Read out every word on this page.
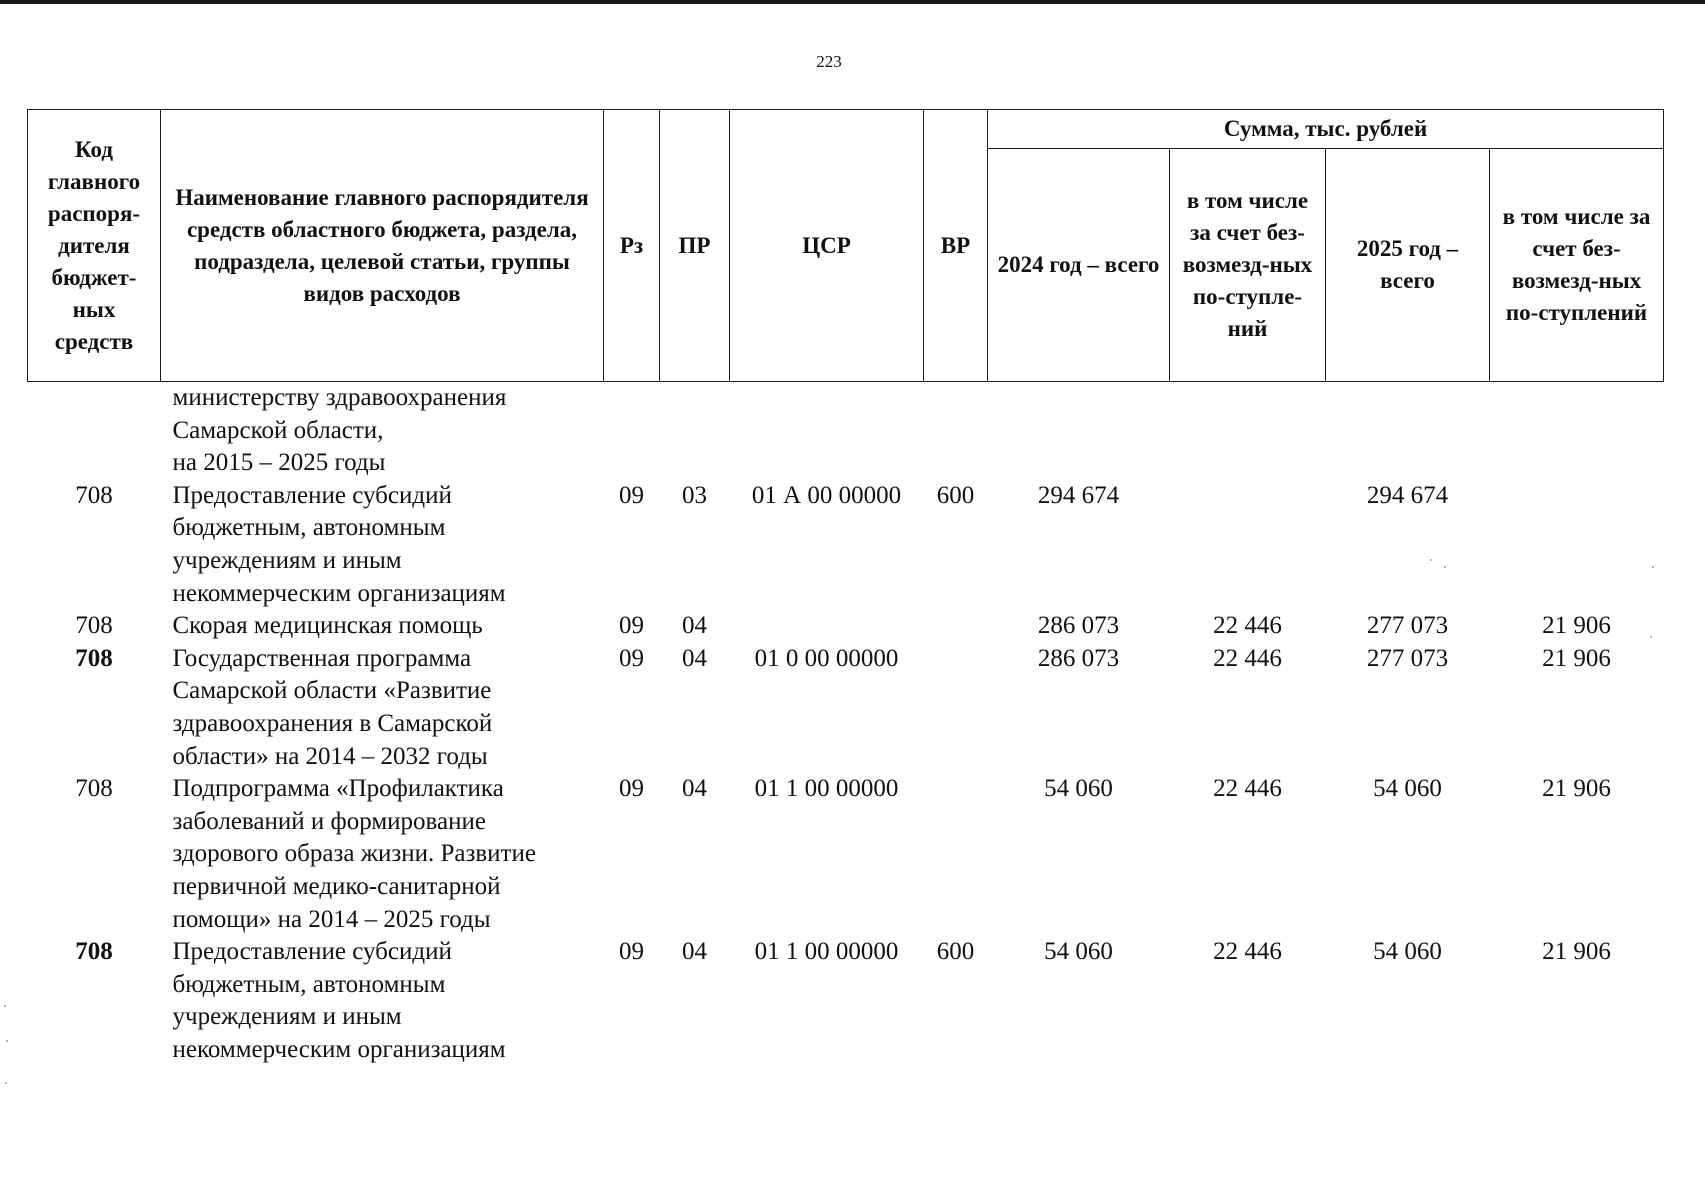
223
Код главного распоря-дителя бюджет-ных средств	Наименование главного распорядителя средств областного бюджета, раздела, подраздела, целевой статьи, группы видов расходов	Рз	ПР	ЦСР	ВР	Сумма, тыс. рублей			
						2024 год – всего	в том числе за счет без-возмезд-ных по-ступле-ний	2025 год – всего	в том числе за счет без-возмезд-ных по-ступлений
	министерству здравоохранения
Самарской области,
на 2015 – 2025 годы								
708	Предоставление субсидий
бюджетным, автономным
учреждениям и иным
некоммерческим организациям	09	03	01 А 00 00000	600	294 674		294 674	
708	Скорая медицинская помощь	09	04			286 073	22 446	277 073	21 906
708	Государственная программа
Самарской области «Развитие
здравоохранения в Самарской
области» на 2014 – 2032 годы	09	04	01 0 00 00000		286 073	22 446	277 073	21 906
708	Подпрограмма «Профилактика
заболеваний и формирование
здорового образа жизни. Развитие
первичной медико-санитарной
помощи» на 2014 – 2025 годы	09	04	01 1 00 00000		54 060	22 446	54 060	21 906
708	Предоставление субсидий
бюджетным, автономным
учреждениям и иным
некоммерческим организациям	09	04	01 1 00 00000	600	54 060	22 446	54 060	21 906
